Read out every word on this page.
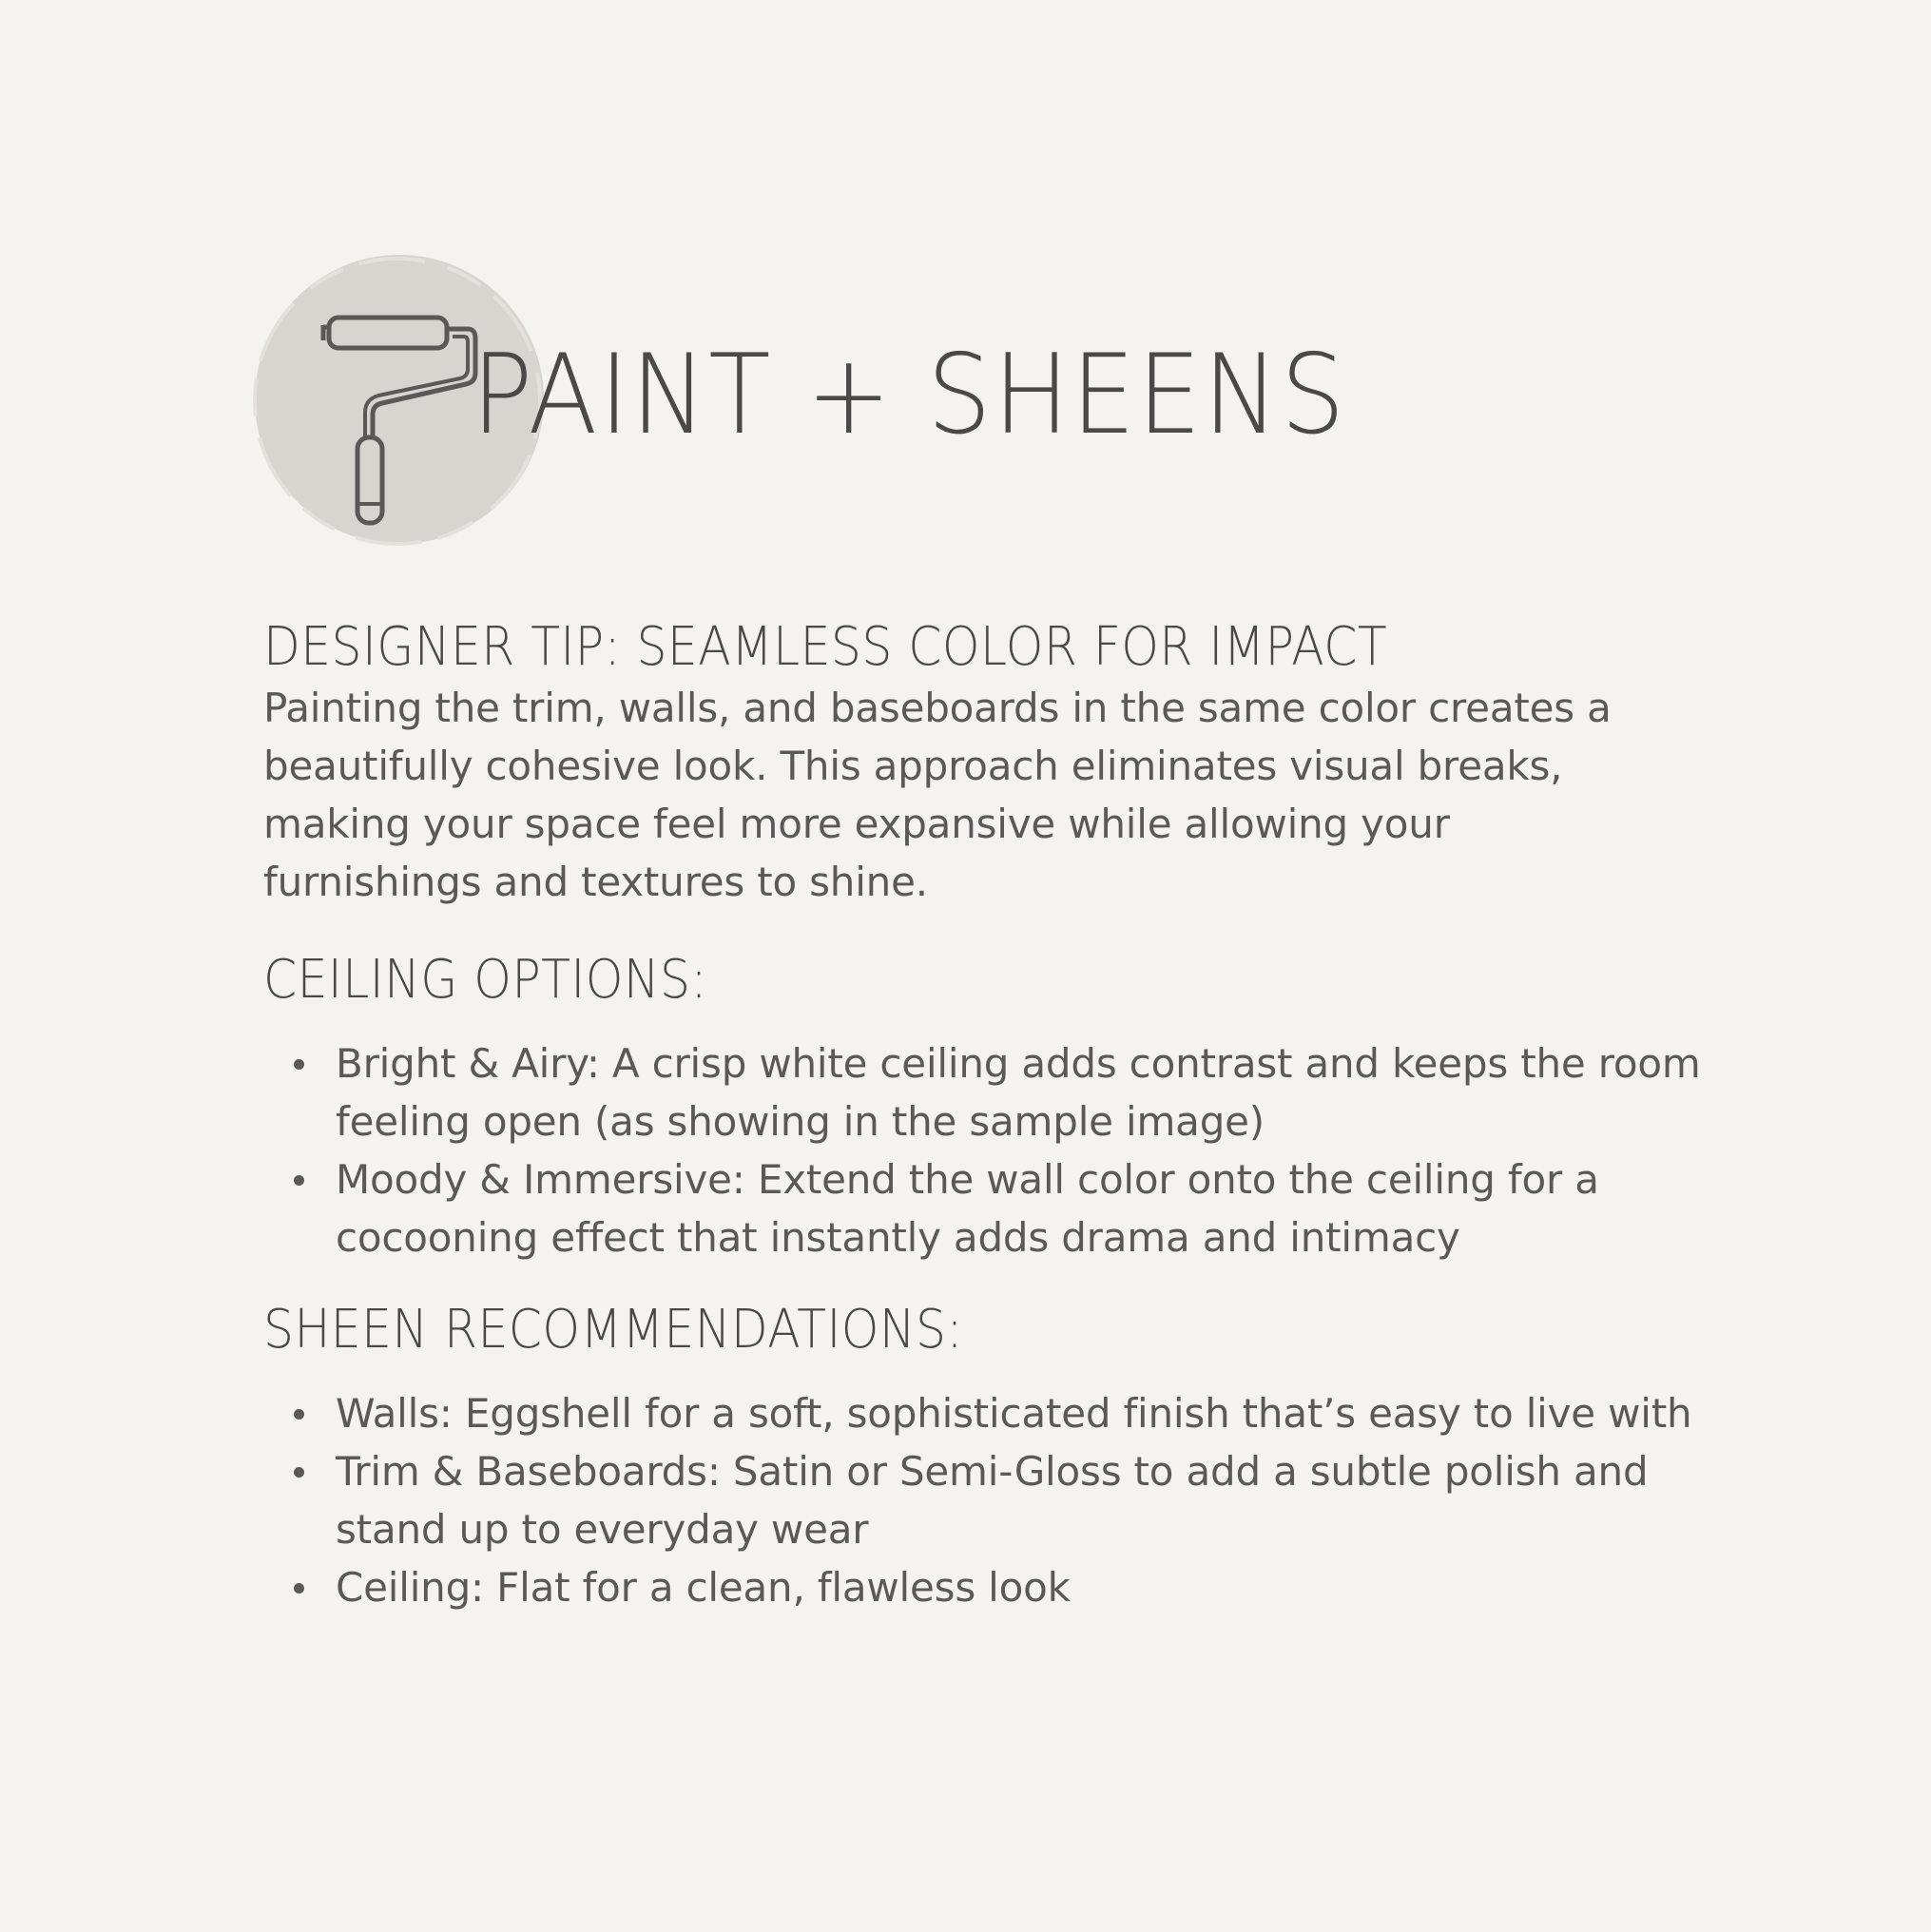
PAINT + SHEENS
DESIGNER TIP: SEAMLESS COLOR FOR IMPACT

Painting the trim, walls, and baseboards in the same color creates a beautifully cohesive look. This approach eliminates visual breaks, making your space feel more expansive while allowing your furnishings and textures to shine.

CEILING OPTIONS:
Bright & Airy: A crisp white ceiling adds contrast and keeps the room feeling open (as showing in the sample image)
Moody & Immersive: Extend the wall color onto the ceiling for a cocooning effect that instantly adds drama and intimacy
SHEEN RECOMMENDATIONS:
Walls: Eggshell for a soft, sophisticated finish that’s easy to live with
Trim & Baseboards: Satin or Semi-Gloss to add a subtle polish and stand up to everyday wear
Ceiling: Flat for a clean, flawless look
